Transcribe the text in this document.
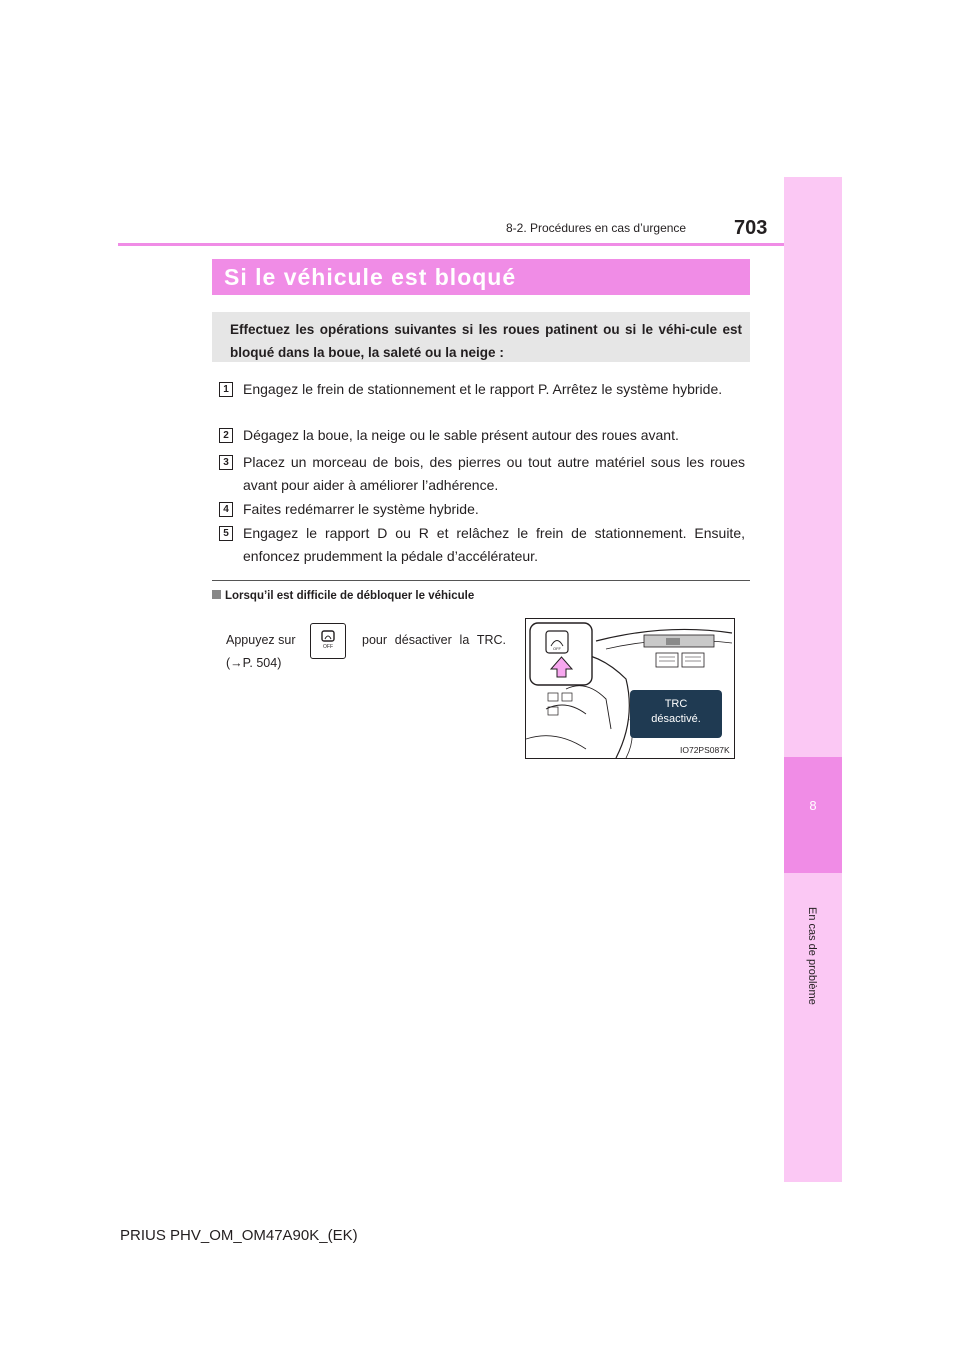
8
En cas de problème
8-2. Procédures en cas d’urgence 703
Si le véhicule est bloqué
Effectuez les opérations suivantes si les roues patinent ou si le véhi-cule est bloqué dans la boue, la saleté ou la neige :
1	Engagez le frein de stationnement et le rapport P. Arrêtez le système hybride.
2	Dégagez la boue, la neige ou le sable présent autour des roues avant.
3	Placez un morceau de bois, des pierres ou tout autre matériel sous les roues avant pour aider à améliorer l’adhérence.
4	Faites redémarrer le système hybride.
5	Engagez le rapport D ou R et relâchez le frein de stationnement. Ensuite, enfoncez prudemment la pédale d’accélérateur.
Lorsqu’il est difficile de débloquer le véhicule
Appuyez sur	OFF pour désactiver la TRC.
(→P. 504)
OFF
TRC
désactivé.
IO72PS087K
PRIUS PHV_OM_OM47A90K_(EK)
